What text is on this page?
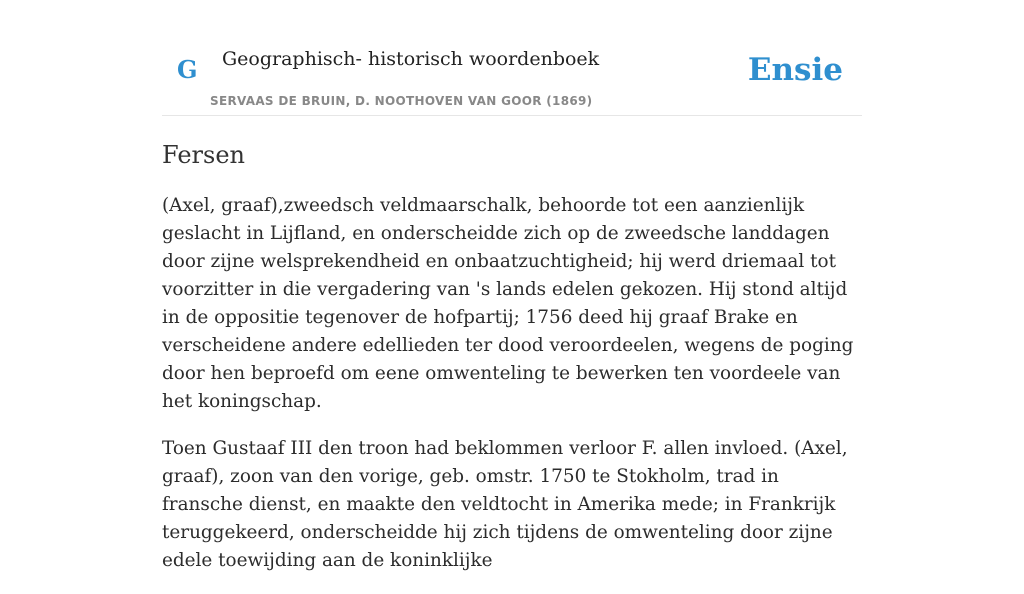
G Geographisch- historisch woordenboek
SERVAAS DE BRUIN, D. NOOTHOVEN VAN GOOR (1869)
Ensie
Fersen

(Axel, graaf),zweedsch veldmaarschalk, behoorde tot een aanzienlijk geslacht in Lijfland, en onderscheidde zich op de zweedsche landdagen door zijne welsprekendheid en onbaatzuchtigheid; hij werd driemaal tot voorzitter in die vergadering van 's lands edelen gekozen. Hij stond altijd in de oppositie tegenover de hofpartij; 1756 deed hij graaf Brake en verscheidene andere edellieden ter dood veroordeelen, wegens de poging door hen beproefd om eene omwenteling te bewerken ten voordeele van het koningschap.

Toen Gustaaf III den troon had beklommen verloor F. allen invloed. (Axel, graaf), zoon van den vorige, geb. omstr. 1750 te Stokholm, trad in fransche dienst, en maakte den veldtocht in Amerika mede; in Frankrijk teruggekeerd, onderscheidde hij zich tijdens de omwenteling door zijne edele toewijding aan de koninklijke
